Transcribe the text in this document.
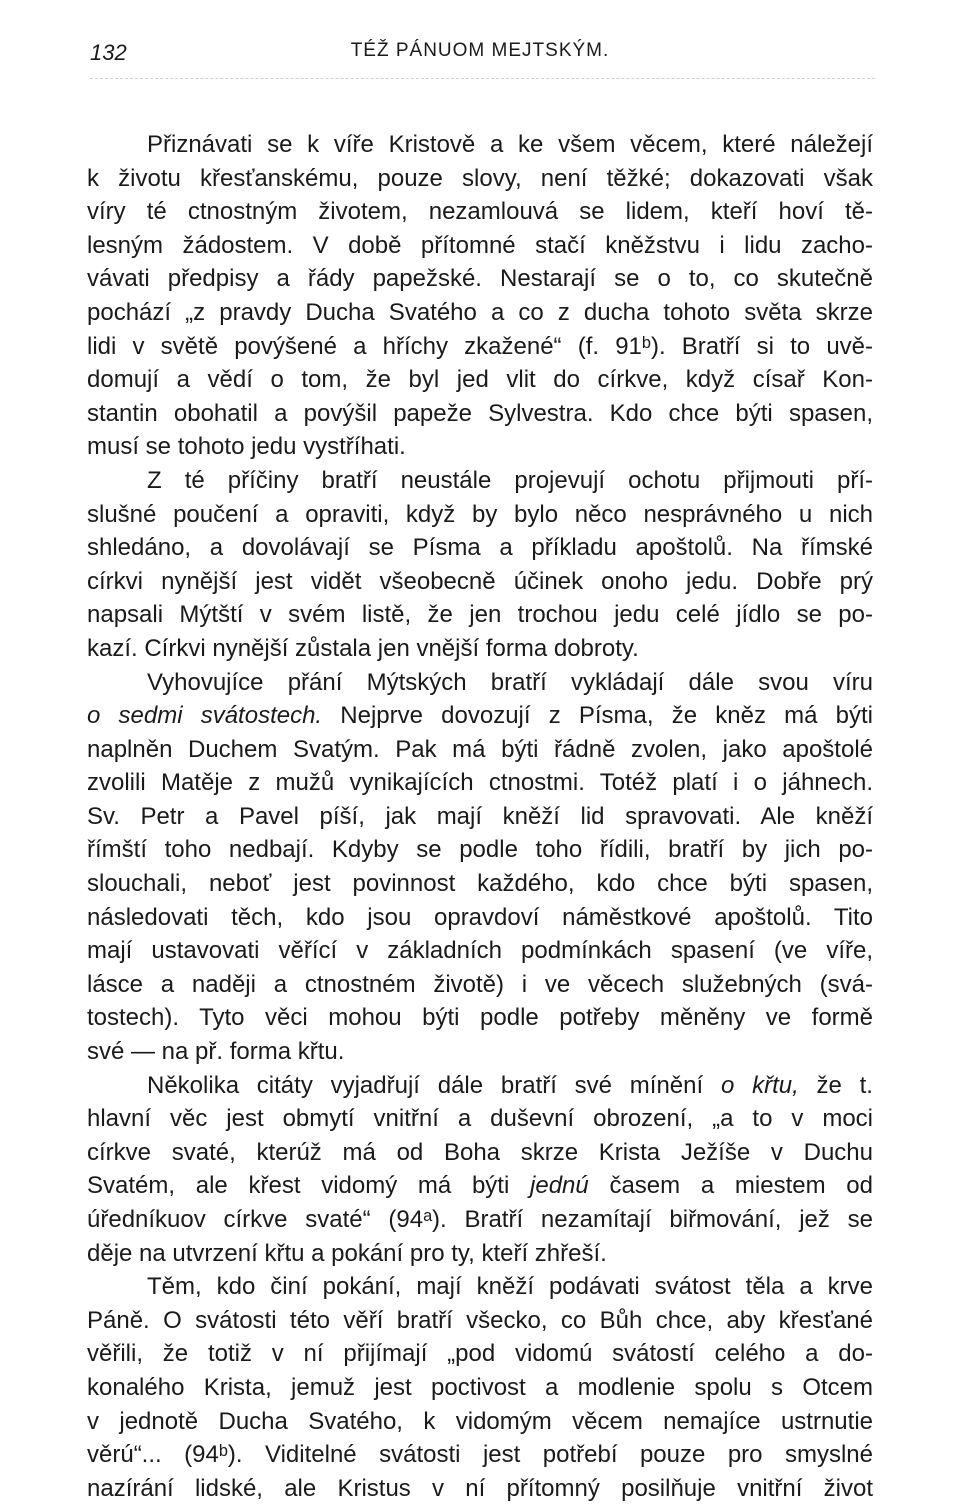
132	TÉŽ PÁNUOM MEJTSKÝM.
Přiznávati se k víře Kristově a ke všem věcem, které náležejí
k životu křesťanskému, pouze slovy, není těžké; dokazovati však
víry té ctnostným životem, nezamlouvá se lidem, kteří hoví tě-
lesným žádostem. V době přítomné stačí kněžstvu i lidu zacho-
vávati předpisy a řády papežské. Nestarají se o to, co skutečně
pochází „z pravdy Ducha Svatého a co z ducha tohoto světa skrze
lidi v světě povýšené a hříchy zkažené“ (f. 91ᵇ). Bratří si to uvě-
domují a vědí o tom, že byl jed vlit do církve, když císař Kon-
stantin obohatil a povýšil papeže Sylvestra. Kdo chce býti spasen,
musí se tohoto jedu vystříhati.
Z té příčiny bratří neustále projevují ochotu přijmouti pří-
slušné poučení a opraviti, když by bylo něco nesprávného u nich
shledáno, a dovolávají se Písma a příkladu apoštolů. Na římské
církvi nynější jest vidět všeobecně účinek onoho jedu. Dobře prý
napsali Mýtští v svém listě, že jen trochou jedu celé jídlo se po-
kazí. Církvi nynější zůstala jen vnější forma dobroty.
Vyhovujíce přání Mýtských bratří vykládají dále svou víru
o sedmi svátostech. Nejprve dovozují z Písma, že kněz má býti
naplněn Duchem Svatým. Pak má býti řádně zvolen, jako apoštolé
zvolili Matěje z mužů vynikajících ctnostmi. Totéž platí i o jáhnech.
Sv. Petr a Pavel píší, jak mají kněží lid spravovati. Ale kněží
římští toho nedbají. Kdyby se podle toho řídili, bratří by jich po-
slouchali, neboť jest povinnost každého, kdo chce býti spasen,
následovati těch, kdo jsou opravdoví náměstkové apoštolů. Tito
mají ustavovati věřící v základních podmínkách spasení (ve víře,
lásce a naději a ctnostném životě) i ve věcech služebných (svá-
tostech). Tyto věci mohou býti podle potřeby měněny ve formě
své — na př. forma křtu.
Několika citáty vyjadřují dále bratří své mínění o křtu, že t.
hlavní věc jest obmytí vnitřní a duševní obrození, „a to v moci
církve svaté, kterúž má od Boha skrze Krista Ježíše v Duchu
Svatém, ale křest vidomý má býti jednú časem a miestem od
úředníkuov církve svaté“ (94ᵃ). Bratří nezamítají biřmování, jež se
děje na utvrzení křtu a pokání pro ty, kteří zhřeší.
Těm, kdo činí pokání, mají kněží podávati svátost těla a krve
Páně. O svátosti této věří bratří všecko, co Bůh chce, aby křesťané
věřili, že totiž v ní přijímají „pod vidomú svátostí celého a do-
konalého Krista, jemuž jest poctivost a modlenie spolu s Otcem
v jednotě Ducha Svatého, k vidomým věcem nemajíce ustrnutie
věrú“... (94ᵇ). Viditelné svátosti jest potřebí pouze pro smyslné
nazírání lidské, ale Kristus v ní přítomný posilňuje vnitřní život
